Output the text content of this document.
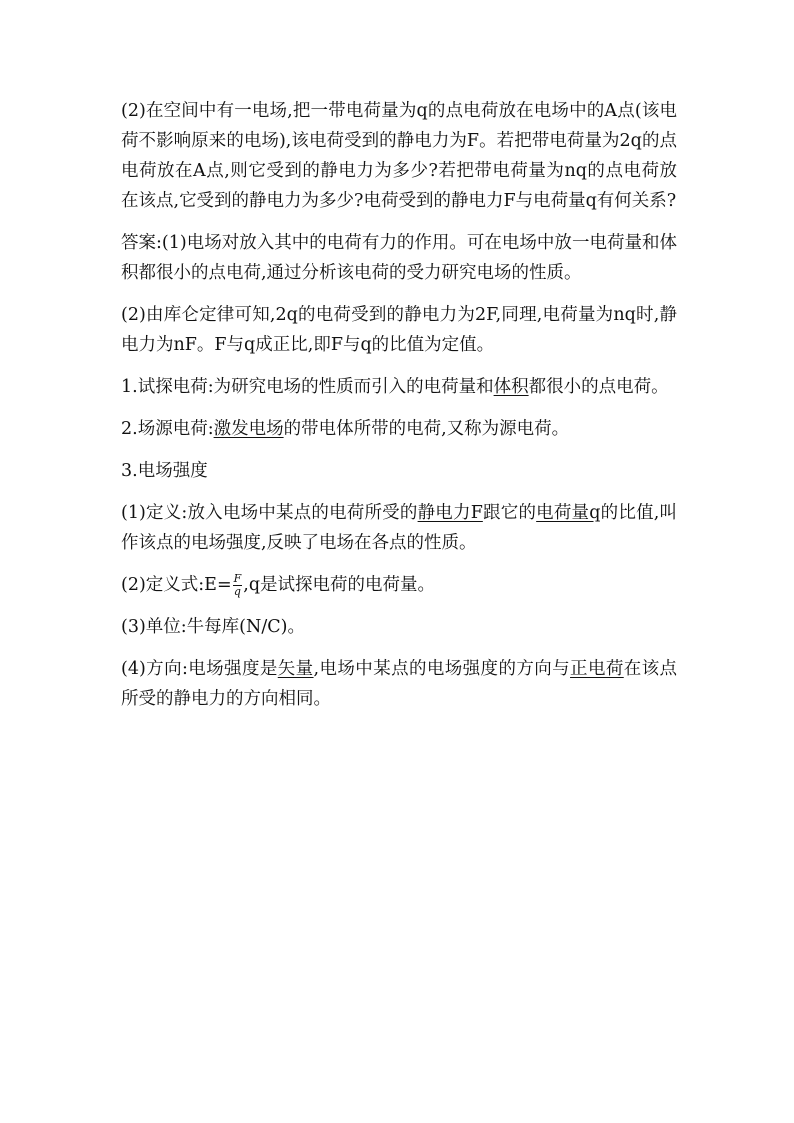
(2)在空间中有一电场,把一带电荷量为q的点电荷放在电场中的A点(该电荷不影响原来的电场),该电荷受到的静电力为F。若把带电荷量为2q的点电荷放在A点,则它受到的静电力为多少?若把带电荷量为nq的点电荷放在该点,它受到的静电力为多少?电荷受到的静电力F与电荷量q有何关系?

答案:(1)电场对放入其中的电荷有力的作用。可在电场中放一电荷量和体积都很小的点电荷,通过分析该电荷的受力研究电场的性质。

(2)由库仑定律可知,2q的电荷受到的静电力为2F,同理,电荷量为nq时,静电力为nF。F与q成正比,即F与q的比值为定值。

1.试探电荷:为研究电场的性质而引入的电荷量和体积都很小的点电荷。

2.场源电荷:激发电场的带电体所带的电荷,又称为源电荷。

3.电场强度

(1)定义:放入电场中某点的电荷所受的静电力F跟它的电荷量q的比值,叫作该点的电场强度,反映了电场在各点的性质。

(2)定义式:E= $\frac{F}{q} ,q$是试探电荷的电荷量。

(3)单位:牛每库(N/C)。

(4)方向:电场强度是矢量,电场中某点的电场强度的方向与正电荷在该点所受的静电力的方向相同。
